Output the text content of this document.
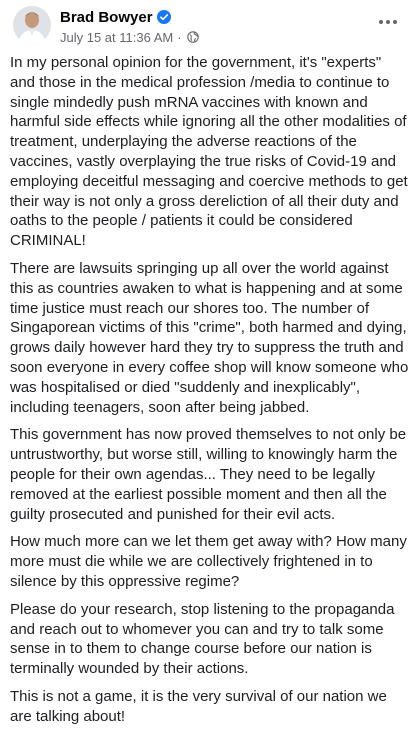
Brad Bowyer
July 15 at 11:36 AM ·

In my personal opinion for the government, it's "experts" and those in the medical profession /media to continue to single mindedly push mRNA vaccines with known and harmful side effects while ignoring all the other modalities of treatment, underplaying the adverse reactions of the vaccines, vastly overplaying the true risks of Covid-19 and employing deceitful messaging and coercive methods to get their way is not only a gross dereliction of all their duty and oaths to the people / patients it could be considered CRIMINAL!

There are lawsuits springing up all over the world against this as countries awaken to what is happening and at some time justice must reach our shores too. The number of Singaporean victims of this "crime", both harmed and dying, grows daily however hard they try to suppress the truth and soon everyone in every coffee shop will know someone who was hospitalised or died "suddenly and inexplicably", including teenagers, soon after being jabbed.

This government has now proved themselves to not only be untrustworthy, but worse still, willing to knowingly harm the people for their own agendas... They need to be legally removed at the earliest possible moment and then all the guilty prosecuted and punished for their evil acts.

How much more can we let them get away with? How many more must die while we are collectively frightened in to silence by this oppressive regime?

Please do your research, stop listening to the propaganda and reach out to whomever you can and try to talk some sense in to them to change course before our nation is terminally wounded by their actions.

This is not a game, it is the very survival of our nation we are talking about!
